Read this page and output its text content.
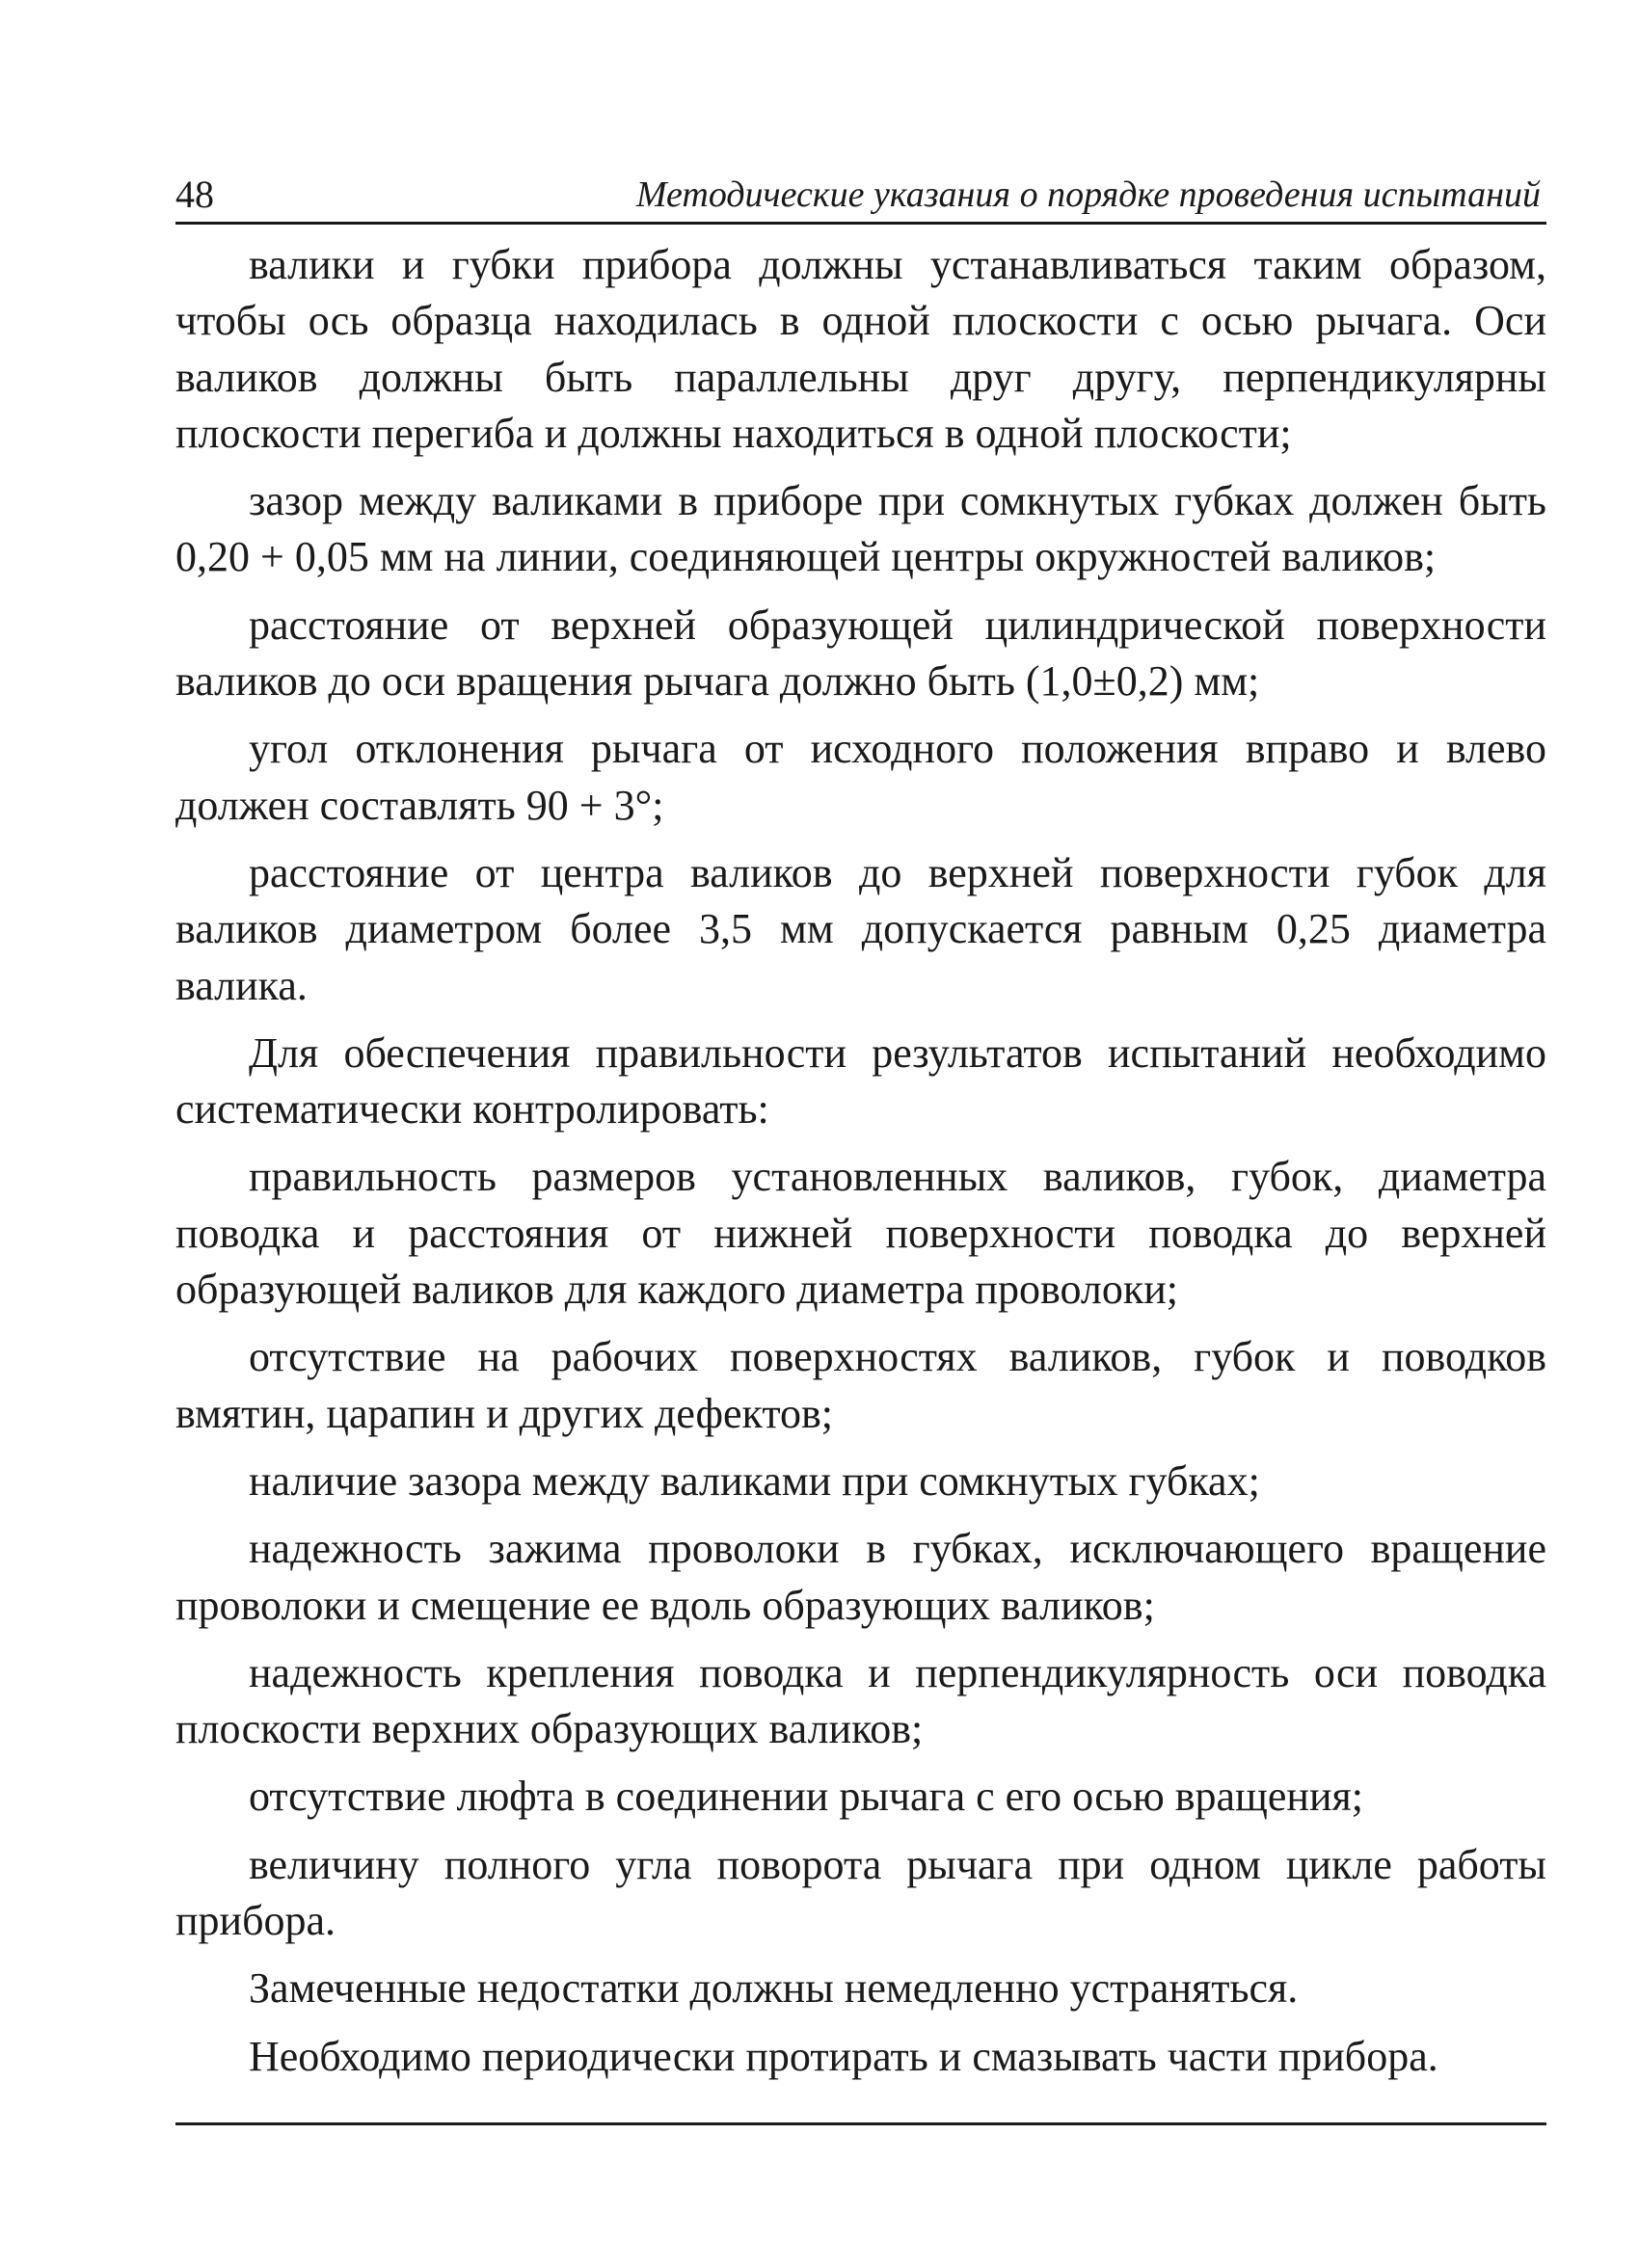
48	Методические указания о порядке проведения испытаний

валики и губки прибора должны устанавливаться таким образом, чтобы ось образца находилась в одной плоскости с осью рычага. Оси валиков должны быть параллельны друг другу, перпендикулярны плоскости перегиба и должны находиться в одной плоскости;

зазор между валиками в приборе при сомкнутых губках должен быть 0,20 + 0,05 мм на линии, соединяющей центры окружностей валиков;

расстояние от верхней образующей цилиндрической поверхности валиков до оси вращения рычага должно быть (1,0±0,2) мм;

угол отклонения рычага от исходного положения вправо и влево должен составлять 90 + 3°;

расстояние от центра валиков до верхней поверхности губок для валиков диаметром более 3,5 мм допускается равным 0,25 диаметра валика.

Для обеспечения правильности результатов испытаний необходимо систематически контролировать:

правильность размеров установленных валиков, губок, диаметра поводка и расстояния от нижней поверхности поводка до верхней образующей валиков для каждого диаметра проволоки;

отсутствие на рабочих поверхностях валиков, губок и поводков вмятин, царапин и других дефектов;

наличие зазора между валиками при сомкнутых губках;

надежность зажима проволоки в губках, исключающего вращение проволоки и смещение ее вдоль образующих валиков;

надежность крепления поводка и перпендикулярность оси поводка плоскости верхних образующих валиков;

отсутствие люфта в соединении рычага с его осью вращения;

величину полного угла поворота рычага при одном цикле работы прибора.

Замеченные недостатки должны немедленно устраняться.

Необходимо периодически протирать и смазывать части прибора.
